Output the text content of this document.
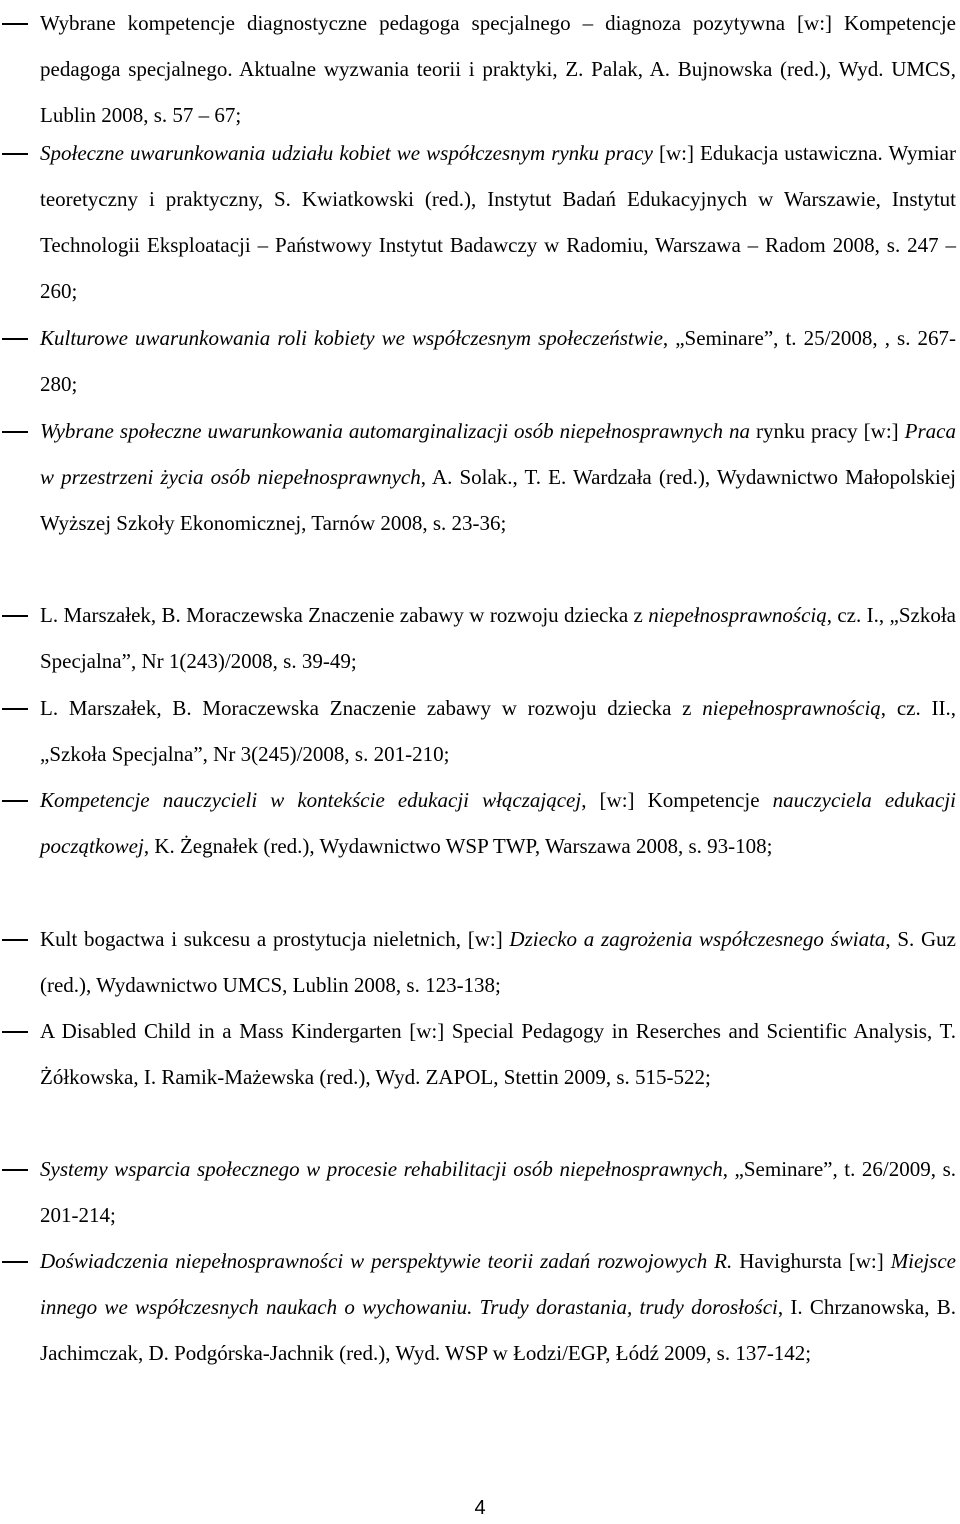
Wybrane kompetencje diagnostyczne pedagoga specjalnego – diagnoza pozytywna [w:] Kompetencje pedagoga specjalnego. Aktualne wyzwania teorii i praktyki, Z. Palak, A. Bujnowska (red.), Wyd. UMCS, Lublin 2008, s. 57 – 67;
Społeczne uwarunkowania udziału kobiet we współczesnym rynku pracy [w:] Edukacja ustawiczna. Wymiar teoretyczny i praktyczny, S. Kwiatkowski (red.), Instytut Badań Edukacyjnych w Warszawie, Instytut Technologii Eksploatacji – Państwowy Instytut Badawczy w Radomiu, Warszawa – Radom 2008, s. 247 – 260;
Kulturowe uwarunkowania roli kobiety we współczesnym społeczeństwie, „Seminare”, t. 25/2008, , s. 267-280;
Wybrane społeczne uwarunkowania automarginalizacji osób niepełnosprawnych na rynku pracy [w:] Praca w przestrzeni życia osób niepełnosprawnych, A. Solak., T. E. Wardzała (red.), Wydawnictwo Małopolskiej Wyższej Szkoły Ekonomicznej, Tarnów 2008, s. 23-36;
L. Marszałek, B. Moraczewska Znaczenie zabawy w rozwoju dziecka z niepełnosprawnością, cz. I., „Szkoła Specjalna”, Nr 1(243)/2008, s. 39-49;
L. Marszałek, B. Moraczewska Znaczenie zabawy w rozwoju dziecka z niepełnosprawnością, cz. II., „Szkoła Specjalna”, Nr 3(245)/2008, s. 201-210;
Kompetencje nauczycieli w kontekście edukacji włączającej, [w:] Kompetencje nauczyciela edukacji początkowej, K. Żegnałek (red.), Wydawnictwo WSP TWP, Warszawa 2008, s. 93-108;
Kult bogactwa i sukcesu a prostytucja nieletnich, [w:] Dziecko a zagrożenia współczesnego świata, S. Guz (red.), Wydawnictwo UMCS, Lublin 2008, s. 123-138;
A Disabled Child in a Mass Kindergarten [w:] Special Pedagogy in Reserches and Scientific Analysis, T. Żółkowska, I. Ramik-Mażewska (red.), Wyd. ZAPOL, Stettin 2009, s. 515-522;
Systemy wsparcia społecznego w procesie rehabilitacji osób niepełnosprawnych, „Seminare”, t. 26/2009, s. 201-214;
Doświadczenia niepełnosprawności w perspektywie teorii zadań rozwojowych R. Havighursta [w:] Miejsce innego we współczesnych naukach o wychowaniu. Trudy dorastania, trudy dorosłości, I. Chrzanowska, B. Jachimczak, D. Podgórska-Jachnik (red.), Wyd. WSP w Łodzi/EGP, Łódź 2009, s. 137-142;
4
